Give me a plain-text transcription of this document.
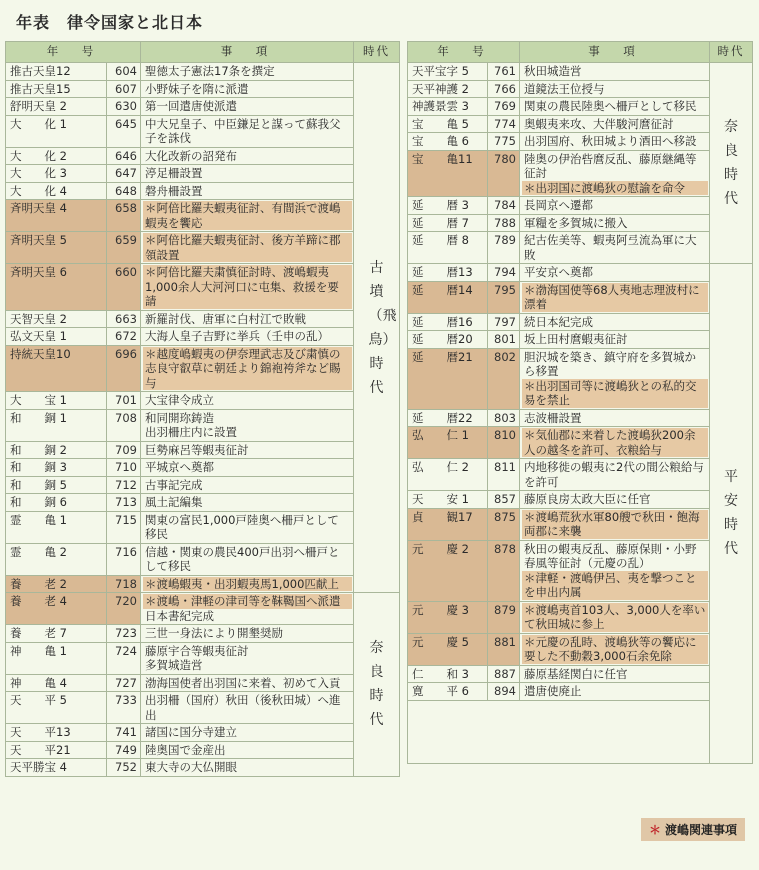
年表　律令国家と北日本
年　号		事　項	時代
推古天皇12	604	聖徳太子憲法17条を撰定	古墳（飛鳥）時代
推古天皇15	607	小野妹子を隋に派遣	

舒明天皇 2	630	第一回遣唐使派遣	

大　　化 1	645	中大兄皇子、中臣鎌足と謀って蘇我父子を誅伐	

大　　化 2	646	大化改新の詔発布	

大　　化 3	647	渟足柵設置	

大　　化 4	648	磐舟柵設置	

斉明天皇 4	658	＊阿倍比羅夫蝦夷征討、有間浜で渡嶋蝦夷を饗応	

斉明天皇 5	659	＊阿倍比羅夫蝦夷征討、後方羊蹄に郡領設置	

斉明天皇 6	660	＊阿倍比羅夫粛慎征討時、渡嶋蝦夷1,000余人大河河口に屯集、救援を要請	

天智天皇 2	663	新羅討伐、唐軍に白村江で敗戦	

弘文天皇 1	672	大海人皇子吉野に挙兵（壬申の乱）	

持統天皇10	696	＊越度嶋蝦夷の伊奈理武志及び粛慎の志良守叡草に朝廷より錦袍袴斧など賜与	

大　　宝 1	701	大宝律令成立	

和　　銅 1	708	和同開珎鋳造
出羽柵庄内に設置	

和　　銅 2	709	巨勢麻呂等蝦夷征討	

和　　銅 3	710	平城京へ奠都	

和　　銅 5	712	古事記完成	

和　　銅 6	713	風土記編集	

霊　　亀 1	715	関東の富民1,000戸陸奥へ柵戸として移民	

霊　　亀 2	716	信越・関東の農民400戸出羽へ柵戸として移民	

養　　老 2	718	＊渡嶋蝦夷・出羽蝦夷馬1,000匹献上	

養　　老 4	720	＊渡嶋・津軽の津司等を靺鞨国へ派遣
日本書紀完成	奈良時代
養　　老 7	723	三世一身法により開墾奨励	

神　　亀 1	724	藤原宇合等蝦夷征討
多賀城造営	

神　　亀 4	727	渤海国使者出羽国に来着、初めて入貢	

天　　平 5	733	出羽柵（国府）秋田（後秋田城）へ進出	

天　　平13	741	諸国に国分寺建立	

天　　平21	749	陸奥国で金産出	

天平勝宝 4	752	東大寺の大仏開眼	
年　号		事　項	時代
天平宝字 5	761	秋田城造営	奈良時代
天平神護 2	766	道鏡法王位授与	

神護景雲 3	769	関東の農民陸奥へ柵戸として移民	

宝　　亀 5	774	奥蝦夷来攻、大伴駿河麿征討	

宝　　亀 6	775	出羽国府、秋田城より酒田へ移設	

宝　　亀11	780	陸奥の伊治呰麿反乱、藤原継縄等征討
＊出羽国に渡嶋狄の慰諭を命令	

延　　暦 3	784	長岡京へ遷都	

延　　暦 7	788	軍糧を多賀城に搬入	

延　　暦 8	789	紀古佐美等、蝦夷阿弖流為軍に大敗	

延　　暦13	794	平安京へ奠都	平安時代
延　　暦14	795	＊渤海国使等68人夷地志理波村に漂着	

延　　暦16	797	続日本紀完成	

延　　暦20	801	坂上田村麿蝦夷征討	

延　　暦21	802	胆沢城を築き、鎮守府を多賀城から移置
＊出羽国司等に渡嶋狄との私的交易を禁止	

延　　暦22	803	志波柵設置	

弘　　仁 1	810	＊気仙郡に来着した渡嶋狄200余人の越冬を許可、衣粮給与	

弘　　仁 2	811	内地移徙の蝦夷に2代の間公粮給与を許可	

天　　安 1	857	藤原良房太政大臣に任官	

貞　　観17	875	＊渡嶋荒狄水軍80艘で秋田・飽海両郡に来襲	

元　　慶 2	878	秋田の蝦夷反乱、藤原保則・小野春風等征討（元慶の乱）
＊津軽・渡嶋伊呂、夷を撃つことを申出内属	

元　　慶 3	879	＊渡嶋夷首103人、3,000人を率いて秋田城に参上	

元　　慶 5	881	＊元慶の乱時、渡嶋狄等の饗応に要した不動穀3,000石余免除	

仁　　和 3	887	藤原基経関白に任官	

寛　　平 6	894	遣唐使廃止	

＊ 渡嶋関連事項
